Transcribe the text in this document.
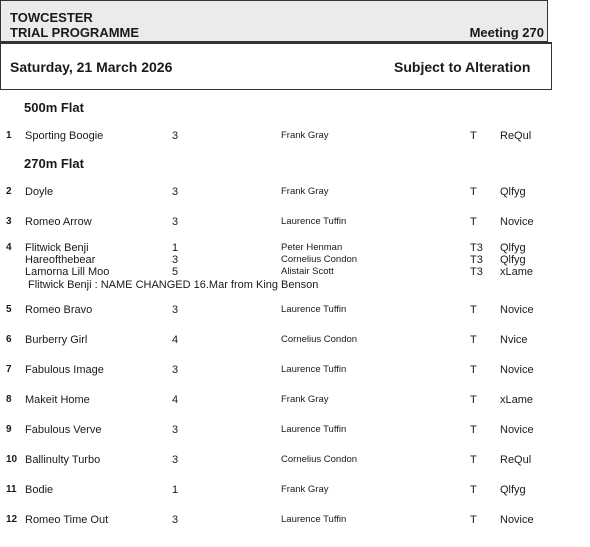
TOWCESTER
TRIAL PROGRAMME	Meeting 270
Saturday, 21 March 2026	Subject to Alteration
500m Flat
270m Flat
1 Sporting Boogie	3	Frank Gray	T ReQul
2 Doyle	3	Frank Gray	T Qlfyg
3 Romeo Arrow	3	Laurence Tuffin	T Novice
4 Flitwick Benji	1	Peter Henman	T3 Qlfyg
Hareofthebear	3	Cornelius Condon	T3 Qlfyg
Lamorna Lill Moo	5	Alistair Scott	T3 xLame
Flitwick Benji : NAME CHANGED 16.Mar from King Benson
5 Romeo Bravo	3	Laurence Tuffin	T Novice
6 Burberry Girl	4	Cornelius Condon	T Nvice
7 Fabulous Image	3	Laurence Tuffin	T Novice
8 Makeit Home	4	Frank Gray	T xLame
9 Fabulous Verve	3	Laurence Tuffin	T Novice
10 Ballinulty Turbo	3	Cornelius Condon	T ReQul
11 Bodie	1	Frank Gray	T Qlfyg
12 Romeo Time Out	3	Laurence Tuffin	T Novice
